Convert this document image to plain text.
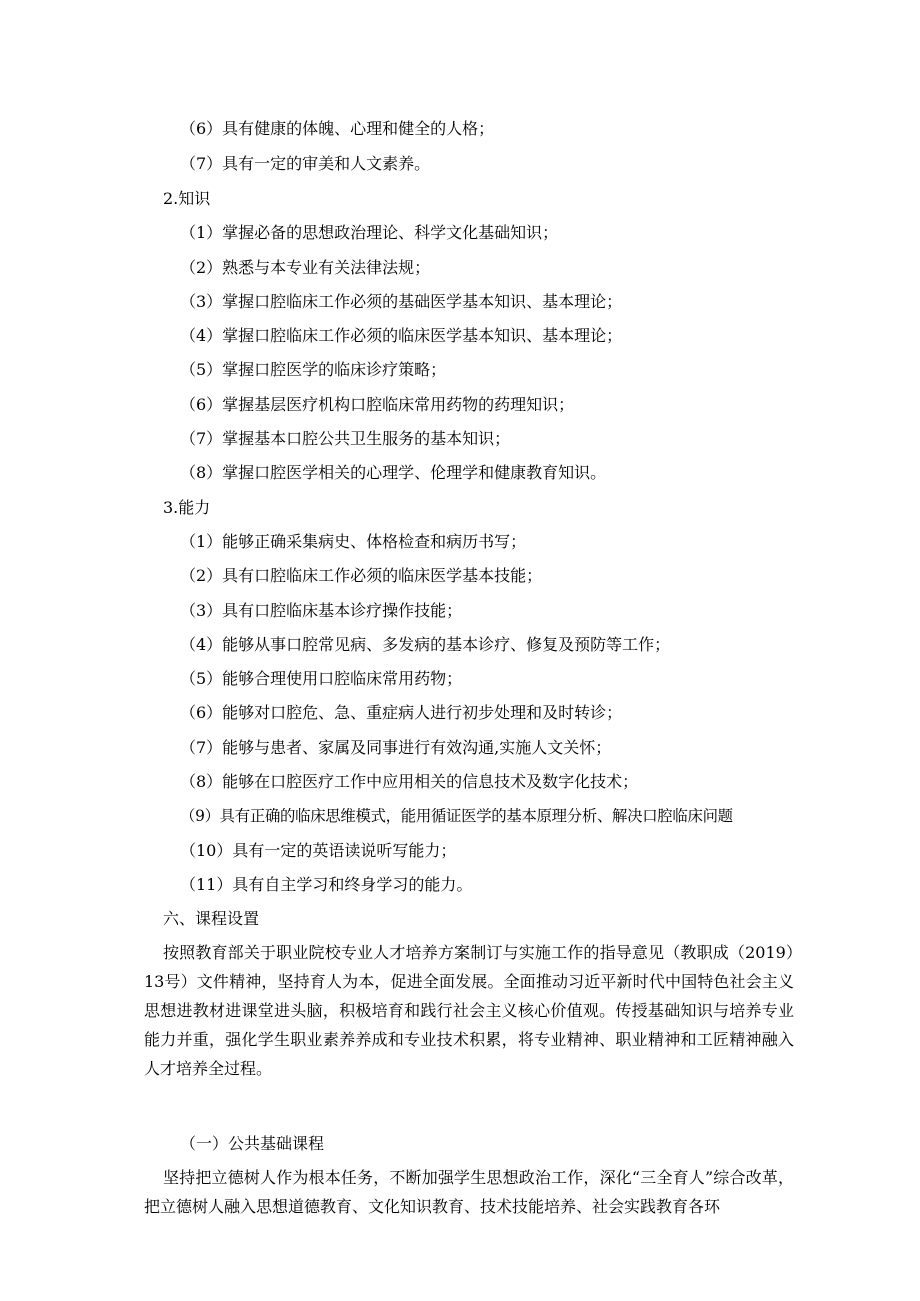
（6）具有健康的体魄、心理和健全的人格；
（7）具有一定的审美和人文素养。
2.知识
（1）掌握必备的思想政治理论、科学文化基础知识；
（2）熟悉与本专业有关法律法规；
（3）掌握口腔临床工作必须的基础医学基本知识、基本理论；
（4）掌握口腔临床工作必须的临床医学基本知识、基本理论；
（5）掌握口腔医学的临床诊疗策略；
（6）掌握基层医疗机构口腔临床常用药物的药理知识；
（7）掌握基本口腔公共卫生服务的基本知识；
（8）掌握口腔医学相关的心理学、伦理学和健康教育知识。
3.能力
（1）能够正确采集病史、体格检查和病历书写；
（2）具有口腔临床工作必须的临床医学基本技能；
（3）具有口腔临床基本诊疗操作技能；
（4）能够从事口腔常见病、多发病的基本诊疗、修复及预防等工作；
（5）能够合理使用口腔临床常用药物；
（6）能够对口腔危、急、重症病人进行初步处理和及时转诊；
（7）能够与患者、家属及同事进行有效沟通,实施人文关怀；
（8）能够在口腔医疗工作中应用相关的信息技术及数字化技术；
（9）具有正确的临床思维模式，能用循证医学的基本原理分析、解决口腔临床问题
（10）具有一定的英语读说听写能力；
（11）具有自主学习和终身学习的能力。
六、课程设置
按照教育部关于职业院校专业人才培养方案制订与实施工作的指导意见（教职成（2019）13号）文件精神，坚持育人为本，促进全面发展。全面推动习近平新时代中国特色社会主义思想进教材进课堂进头脑，积极培育和践行社会主义核心价值观。传授基础知识与培养专业能力并重，强化学生职业素养养成和专业技术积累，将专业精神、职业精神和工匠精神融入人才培养全过程。
（一）公共基础课程
坚持把立德树人作为根本任务，不断加强学生思想政治工作，深化“三全育人”综合改革，把立德树人融入思想道德教育、文化知识教育、技术技能培养、社会实践教育各环
